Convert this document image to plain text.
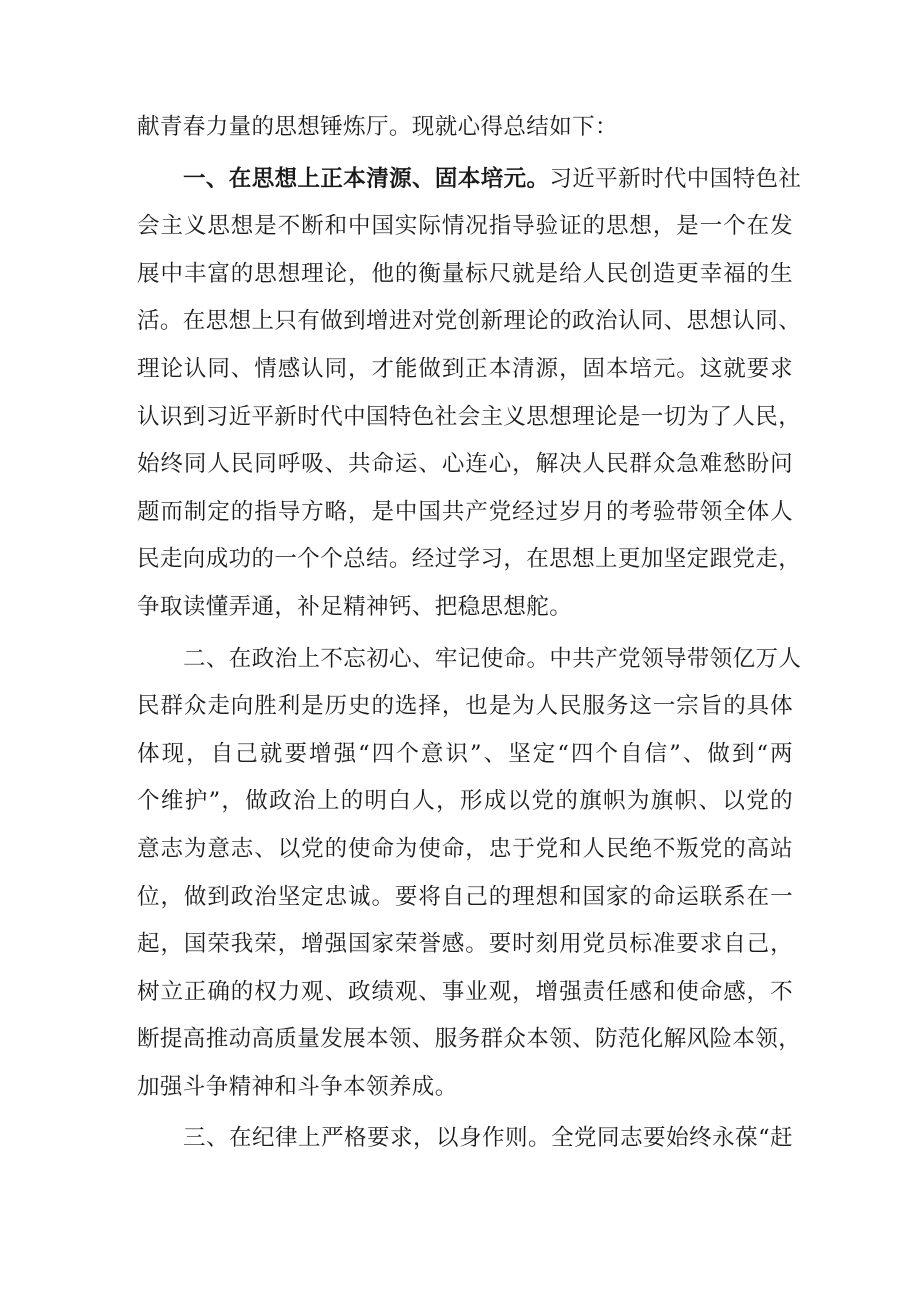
献青春力量的思想锤炼厅。现就心得总结如下：
一、在思想上正本清源、固本培元。习近平新时代中国特色社
会主义思想是不断和中国实际情况指导验证的思想，是一个在发
展中丰富的思想理论，他的衡量标尺就是给人民创造更幸福的生
活。在思想上只有做到增进对党创新理论的政治认同、思想认同、
理论认同、情感认同，才能做到正本清源，固本培元。这就要求
认识到习近平新时代中国特色社会主义思想理论是一切为了人民，
始终同人民同呼吸、共命运、心连心，解决人民群众急难愁盼问
题而制定的指导方略，是中国共产党经过岁月的考验带领全体人
民走向成功的一个个总结。经过学习，在思想上更加坚定跟党走，
争取读懂弄通，补足精神钙、把稳思想舵。
二、在政治上不忘初心、牢记使命。中共产党领导带领亿万人
民群众走向胜利是历史的选择，也是为人民服务这一宗旨的具体
体现，自己就要增强“四个意识”、坚定“四个自信”、做到“两
个维护”，做政治上的明白人，形成以党的旗帜为旗帜、以党的
意志为意志、以党的使命为使命，忠于党和人民绝不叛党的高站
位，做到政治坚定忠诚。要将自己的理想和国家的命运联系在一
起，国荣我荣，增强国家荣誉感。要时刻用党员标准要求自己，
树立正确的权力观、政绩观、事业观，增强责任感和使命感，不
断提高推动高质量发展本领、服务群众本领、防范化解风险本领，
加强斗争精神和斗争本领养成。
三、在纪律上严格要求，以身作则。全党同志要始终永葆“赶
